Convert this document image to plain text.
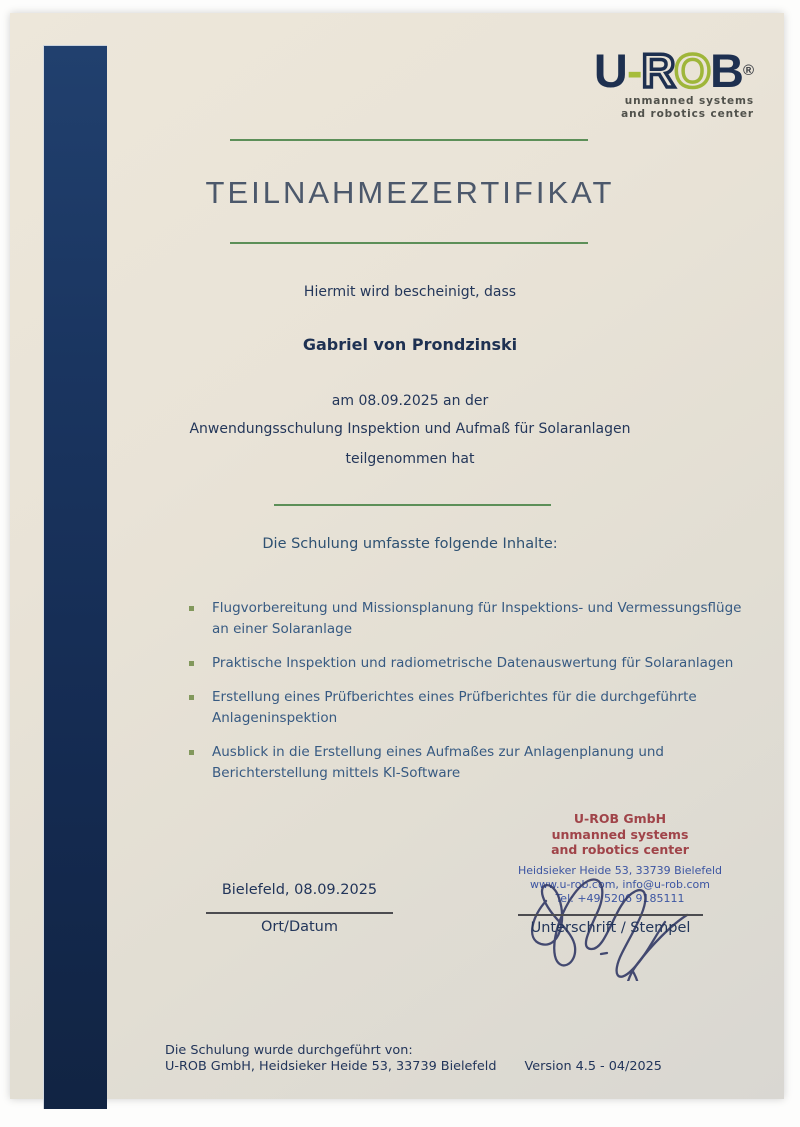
U-ROB®
unmanned systems
and robotics center
TEILNAHMEZERTIFIKAT
Hiermit wird bescheinigt, dass
Gabriel von Prondzinski
am 08.09.2025 an der
Anwendungsschulung Inspektion und Aufmaß für Solaranlagen
teilgenommen hat
Die Schulung umfasste folgende Inhalte:
Flugvorbereitung und Missionsplanung für Inspektions- und Vermessungsflüge an einer Solaranlage
Praktische Inspektion und radiometrische Datenauswertung für Solaranlagen
Erstellung eines Prüfberichtes eines Prüfberichtes für die durchgeführte Anlageninspektion
Ausblick in die Erstellung eines Aufmaßes zur Anlagenplanung und Berichterstellung mittels KI-Software
U-ROB GmbH
unmanned systems
and robotics center
Heidsieker Heide 53, 33739 Bielefeld
www.u-rob.com, info@u-rob.com
Tel: +49 5206 9185111
Bielefeld, 08.09.2025
Ort/Datum	Unterschrift / Stempel
Die Schulung wurde durchgeführt von:
U-ROB GmbH, Heidsieker Heide 53, 33739 Bielefeld Version 4.5 - 04/2025
